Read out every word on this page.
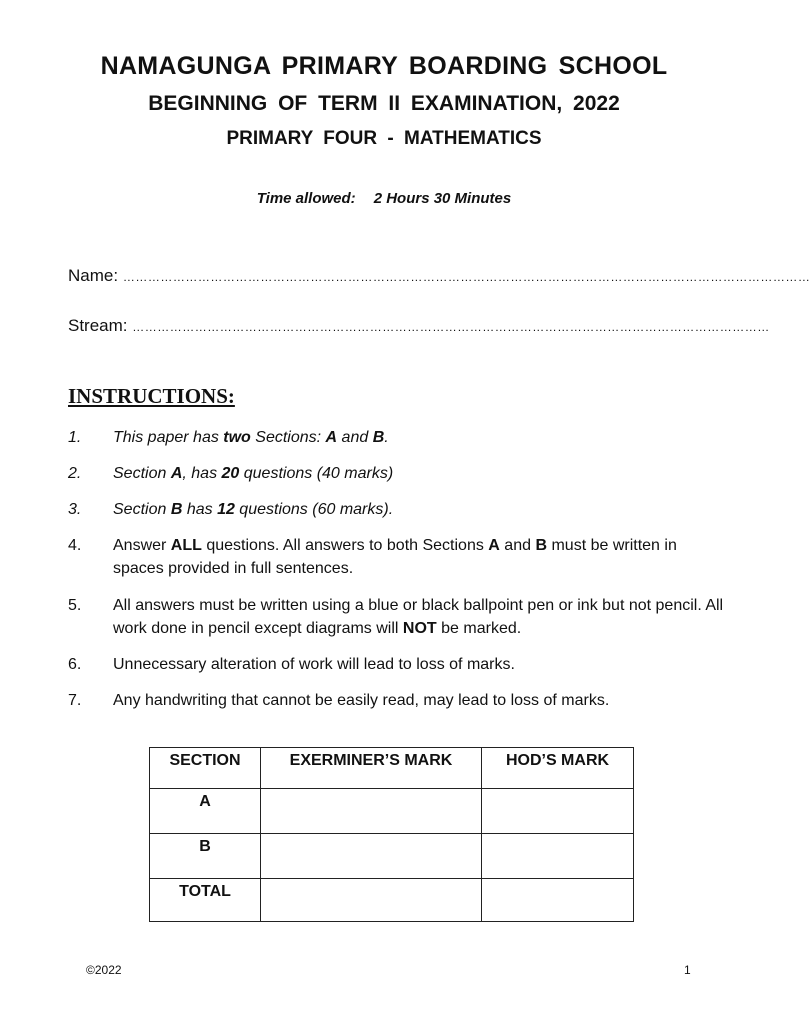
NAMAGUNGA PRIMARY BOARDING SCHOOL
BEGINNING OF TERM II EXAMINATION, 2022
PRIMARY FOUR - MATHEMATICS
Time allowed: 2 Hours 30 Minutes
Name: …………………………………………………………………………………………………………………………………………………
Stream: ………………………………………………………………………………………………………………………………………
INSTRUCTIONS:
1. This paper has two Sections: A and B.
2. Section A, has 20 questions (40 marks)
3. Section B has 12 questions (60 marks).
4. Answer ALL questions. All answers to both Sections A and B must be written in spaces provided in full sentences.
5. All answers must be written using a blue or black ballpoint pen or ink but not pencil. All work done in pencil except diagrams will NOT be marked.
6. Unnecessary alteration of work will lead to loss of marks.
7. Any handwriting that cannot be easily read, may lead to loss of marks.
SECTION	EXERMINER’S MARK	HOD’S MARK
A		
B		
TOTAL		
©2022	1
